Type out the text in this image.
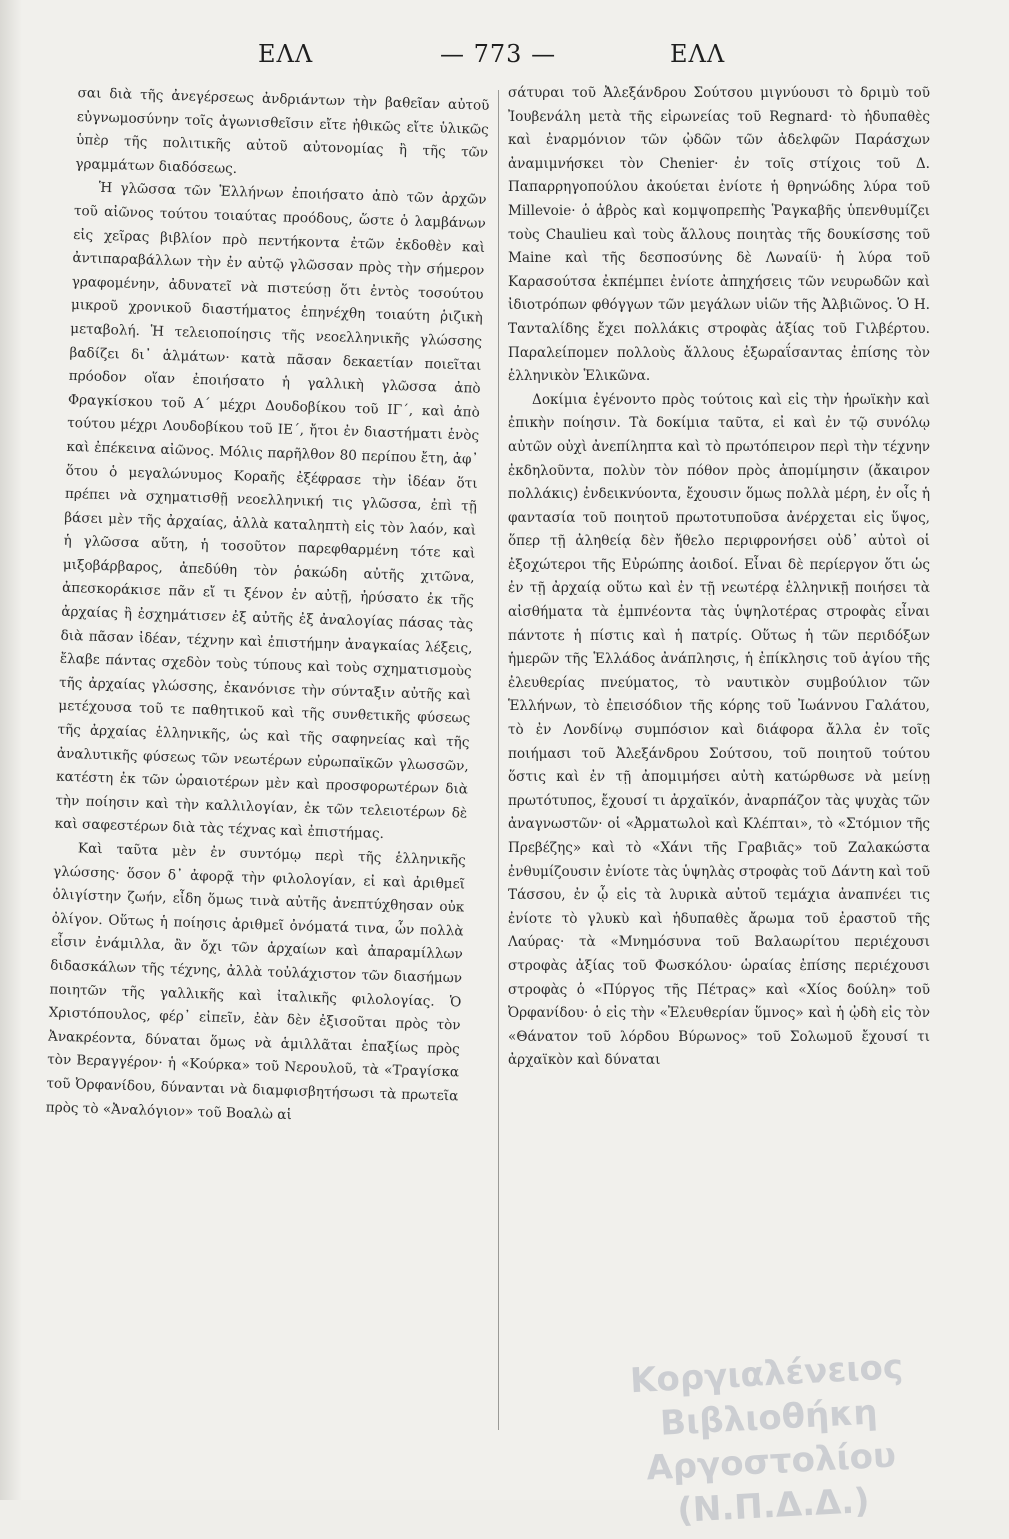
ΕΛΛ	— 773 —	ΕΛΛ

σαι διὰ τῆς ἀνεγέρσεως ἀνδριάντων τὴν βαθεῖαν αὐτοῦ εὐγνωμοσύνην τοῖς ἀγωνισθεῖσιν εἴτε ἠθικῶς εἴτε ὑλικῶς ὑπὲρ τῆς πολιτικῆς αὐτοῦ αὐτονομίας ἢ τῆς τῶν γραμμάτων διαδόσεως.

Ἡ γλῶσσα τῶν Ἑλλήνων ἐποιήσατο ἀπὸ τῶν ἀρχῶν τοῦ αἰῶνος τούτου τοιαύτας προόδους, ὥστε ὁ λαμβάνων εἰς χεῖρας βιβλίον πρὸ πεντήκοντα ἐτῶν ἐκδοθὲν καὶ ἀντιπαραβάλλων τὴν ἐν αὐτῷ γλῶσσαν πρὸς τὴν σήμερον γραφομένην, ἀδυνατεῖ νὰ πιστεύσῃ ὅτι ἐντὸς τοσούτου μικροῦ χρονικοῦ διαστήματος ἐπηνέχθη τοιαύτη ῥιζικὴ μεταβολή. Ἡ τελειοποίησις τῆς νεοελληνικῆς γλώσσης βαδίζει δι᾽ ἁλμάτων· κατὰ πᾶσαν δεκαετίαν ποιεῖται πρόοδον οἵαν ἐποιήσατο ἡ γαλλικὴ γλῶσσα ἀπὸ Φραγκίσκου τοῦ Α΄ μέχρι Δουδοβίκου τοῦ ΙΓ΄, καὶ ἀπὸ τούτου μέχρι Λουδοβίκου τοῦ ΙΕ΄, ἤτοι ἐν διαστήματι ἑνὸς καὶ ἐπέκεινα αἰῶνος. Μόλις παρῆλθον 80 περίπου ἔτη, ἀφ᾽ ὅτου ὁ μεγαλώνυμος Κοραῆς ἐξέφρασε τὴν ἰδέαν ὅτι πρέπει νὰ σχηματισθῇ νεοελληνική τις γλῶσσα, ἐπὶ τῇ βάσει μὲν τῆς ἀρχαίας, ἀλλὰ καταληπτὴ εἰς τὸν λαόν, καὶ ἡ γλῶσσα αὕτη, ἡ τοσοῦτον παρεφθαρμένη τότε καὶ μιξοβάρβαρος, ἀπεδύθη τὸν ῥακώδη αὐτῆς χιτῶνα, ἀπεσκοράκισε πᾶν εἴ τι ξένον ἐν αὐτῇ, ἠρύσατο ἐκ τῆς ἀρχαίας ἢ ἐσχημάτισεν ἐξ αὐτῆς ἐξ ἀναλογίας πάσας τὰς διὰ πᾶσαν ἰδέαν, τέχνην καὶ ἐπιστήμην ἀναγκαίας λέξεις, ἔλαβε πάντας σχεδὸν τοὺς τύπους καὶ τοὺς σχηματισμοὺς τῆς ἀρχαίας γλώσσης, ἐκανόνισε τὴν σύνταξιν αὐτῆς καὶ μετέχουσα τοῦ τε παθητικοῦ καὶ τῆς συνθετικῆς φύσεως τῆς ἀρχαίας ἑλληνικῆς, ὡς καὶ τῆς σαφηνείας καὶ τῆς ἀναλυτικῆς φύσεως τῶν νεωτέρων εὐρωπαϊκῶν γλωσσῶν, κατέστη ἐκ τῶν ὡραιοτέρων μὲν καὶ προσφορωτέρων διὰ τὴν ποίησιν καὶ τὴν καλλιλογίαν, ἐκ τῶν τελειοτέρων δὲ καὶ σαφεστέρων διὰ τὰς τέχνας καὶ ἐπιστήμας.

Καὶ ταῦτα μὲν ἐν συντόμῳ περὶ τῆς ἑλληνικῆς γλώσσης· ὅσον δ᾽ ἀφορᾷ τὴν φιλολογίαν, εἰ καὶ ἀριθμεῖ ὀλιγίστην ζωήν, εἶδη ὅμως τινὰ αὐτῆς ἀνεπτύχθησαν οὐκ ὀλίγον. Οὕτως ἡ ποίησις ἀριθμεῖ ὀνόματά τινα, ὧν πολλὰ εἶσιν ἐνάμιλλα, ἂν ὄχι τῶν ἀρχαίων καὶ ἀπαραμίλλων διδασκάλων τῆς τέχνης, ἀλλὰ τοὐλάχιστον τῶν διασήμων ποιητῶν τῆς γαλλικῆς καὶ ἰταλικῆς φιλολογίας. Ὁ Χριστόπουλος, φέρ᾽ εἰπεῖν, ἐὰν δὲν ἐξισοῦται πρὸς τὸν Ἀνακρέοντα, δύναται ὅμως νὰ ἁμιλλᾶται ἐπαξίως πρὸς τὸν Βεραγγέρον· ἡ «Κούρκα» τοῦ Νερουλοῦ, τὰ «Τραγίσκα τοῦ Ὀρφανίδου, δύνανται νὰ διαμφισβητήσωσι τὰ πρωτεῖα πρὸς τὸ «Ἀναλόγιον» τοῦ Βοαλὼ αἱ

σάτυραι τοῦ Ἀλεξάνδρου Σούτσου μιγνύουσι τὸ δριμὺ τοῦ Ἰουβενάλη μετὰ τῆς εἰρωνείας τοῦ Regnard· τὸ ἡδυπαθὲς καὶ ἐναρμόνιον τῶν ᾠδῶν τῶν ἀδελφῶν Παράσχων ἀναμιμνήσκει τὸν Chenier· ἐν τοῖς στίχοις τοῦ Δ. Παπαρρηγοπούλου ἀκούεται ἐνίοτε ἡ θρηνώδης λύρα τοῦ Millevoie· ὁ ἁβρὸς καὶ κομψοπρεπὴς Ῥαγκαβῆς ὑπενθυμίζει τοὺς Chaulieu καὶ τοὺς ἄλλους ποιητὰς τῆς δουκίσσης τοῦ Maine καὶ τῆς δεσποσύνης δὲ Λωναίϋ· ἡ λύρα τοῦ Καρασούτσα ἐκπέμπει ἐνίοτε ἀπηχήσεις τῶν νευρωδῶν καὶ ἰδιοτρόπων φθόγγων τῶν μεγάλων υἱῶν τῆς Ἀλβιῶνος. Ὁ Η. Τανταλίδης ἔχει πολλάκις στροφὰς ἀξίας τοῦ Γιλβέρτου. Παραλείπομεν πολλοὺς ἄλλους ἐξωραΐσαντας ἐπίσης τὸν ἑλληνικὸν Ἑλικῶνα.

Δοκίμια ἐγένοντο πρὸς τούτοις καὶ εἰς τὴν ἡρωϊκὴν καὶ ἐπικὴν ποίησιν. Τὰ δοκίμια ταῦτα, εἰ καὶ ἐν τῷ συνόλῳ αὐτῶν οὐχὶ ἀνεπίληπτα καὶ τὸ πρωτόπειρον περὶ τὴν τέχνην ἐκδηλοῦντα, πολὺν τὸν πόθον πρὸς ἀπομίμησιν (ἄκαιρον πολλάκις) ἐνδεικνύοντα, ἔχουσιν ὅμως πολλὰ μέρη, ἐν οἷς ἡ φαντασία τοῦ ποιητοῦ πρωτοτυποῦσα ἀνέρχεται εἰς ὕψος, ὅπερ τῇ ἀληθείᾳ δὲν ἤθελο περιφρονήσει οὐδ᾽ αὐτοὶ οἱ ἐξοχώτεροι τῆς Εὐρώπης ἀοιδοί. Εἶναι δὲ περίεργον ὅτι ὡς ἐν τῇ ἀρχαίᾳ οὕτω καὶ ἐν τῇ νεωτέρᾳ ἑλληνικῇ ποιήσει τὰ αἰσθήματα τὰ ἐμπνέοντα τὰς ὑψηλοτέρας στροφὰς εἶναι πάντοτε ἡ πίστις καὶ ἡ πατρίς. Οὕτως ἡ τῶν περιδόξων ἡμερῶν τῆς Ἑλλάδος ἀνάπλησις, ἡ ἐπίκλησις τοῦ ἁγίου τῆς ἐλευθερίας πνεύματος, τὸ ναυτικὸν συμβούλιον τῶν Ἑλλήνων, τὸ ἐπεισόδιον τῆς κόρης τοῦ Ἰωάννου Γαλάτου, τὸ ἐν Λονδίνῳ συμπόσιον καὶ διάφορα ἄλλα ἐν τοῖς ποιήμασι τοῦ Ἀλεξάνδρου Σούτσου, τοῦ ποιητοῦ τούτου ὅστις καὶ ἐν τῇ ἀπομιμήσει αὐτὴ κατώρθωσε νὰ μείνῃ πρωτότυπος, ἔχουσί τι ἀρχαϊκόν, ἀναρπάζον τὰς ψυχὰς τῶν ἀναγνωστῶν· οἱ «Ἀρματωλοὶ καὶ Κλέπται», τὸ «Στόμιον τῆς Πρεβέζης» καὶ τὸ «Χάνι τῆς Γραβιᾶς» τοῦ Ζαλακώστα ἐνθυμίζουσιν ἐνίοτε τὰς ὑψηλὰς στροφὰς τοῦ Δάντη καὶ τοῦ Τάσσου, ἐν ᾧ εἰς τὰ λυρικὰ αὐτοῦ τεμάχια ἀναπνέει τις ἐνίοτε τὸ γλυκὺ καὶ ἡδυπαθὲς ἄρωμα τοῦ ἐραστοῦ τῆς Λαύρας· τὰ «Μνημόσυνα τοῦ Βαλαωρίτου περιέχουσι στροφὰς ἀξίας τοῦ Φωσκόλου· ὡραίας ἐπίσης περιέχουσι στροφὰς ὁ «Πύργος τῆς Πέτρας» καὶ «Χίος δούλη» τοῦ Ὀρφανίδου· ὁ εἰς τὴν «Ἐλευθερίαν ὕμνος» καὶ ἡ ᾠδὴ εἰς τὸν «Θάνατον τοῦ λόρδου Βύρωνος» τοῦ Σολωμοῦ ἔχουσί τι ἀρχαϊκὸν καὶ δύναται

Κοργιαλένειος Βιβλιοθήκη Αργοστολίου (Ν.Π.Δ.Δ.)
